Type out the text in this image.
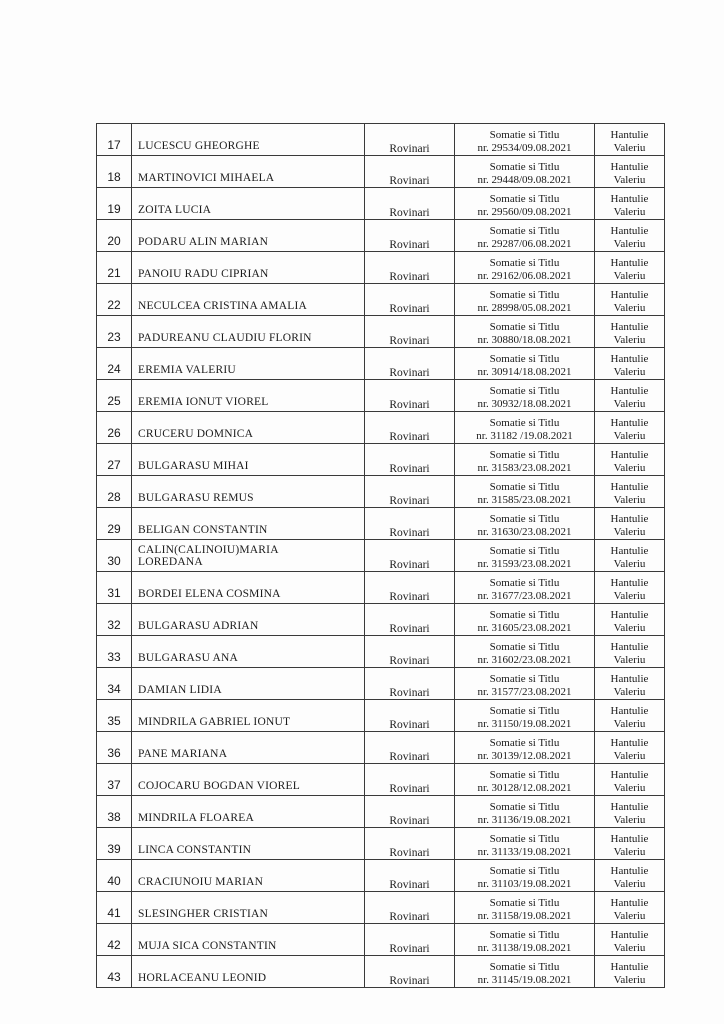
17	LUCESCU GHEORGHE	Rovinari	Somatie si Titlu
nr. 29534/09.08.2021	Hantulie
Valeriu

18	MARTINOVICI MIHAELA	Rovinari	Somatie si Titlu
nr. 29448/09.08.2021	Hantulie
Valeriu

19	ZOITA LUCIA	Rovinari	Somatie si Titlu
nr. 29560/09.08.2021	Hantulie
Valeriu

20	PODARU ALIN MARIAN	Rovinari	Somatie si Titlu
nr. 29287/06.08.2021	Hantulie
Valeriu

21	PANOIU RADU CIPRIAN	Rovinari	Somatie si Titlu
nr. 29162/06.08.2021	Hantulie
Valeriu

22	NECULCEA CRISTINA AMALIA	Rovinari	Somatie si Titlu
nr. 28998/05.08.2021	Hantulie
Valeriu

23	PADUREANU CLAUDIU FLORIN	Rovinari	Somatie si Titlu
nr. 30880/18.08.2021	Hantulie
Valeriu

24	EREMIA VALERIU	Rovinari	Somatie si Titlu
nr. 30914/18.08.2021	Hantulie
Valeriu

25	EREMIA IONUT VIOREL	Rovinari	Somatie si Titlu
nr. 30932/18.08.2021	Hantulie
Valeriu

26	CRUCERU DOMNICA	Rovinari	Somatie si Titlu
nr. 31182 /19.08.2021	Hantulie
Valeriu

27	BULGARASU MIHAI	Rovinari	Somatie si Titlu
nr. 31583/23.08.2021	Hantulie
Valeriu

28	BULGARASU REMUS	Rovinari	Somatie si Titlu
nr. 31585/23.08.2021	Hantulie
Valeriu

29	BELIGAN CONSTANTIN	Rovinari	Somatie si Titlu
nr. 31630/23.08.2021	Hantulie
Valeriu

30	CALIN(CALINOIU)MARIA
LOREDANA	Rovinari	Somatie si Titlu
nr. 31593/23.08.2021	Hantulie
Valeriu

31	BORDEI ELENA COSMINA	Rovinari	Somatie si Titlu
nr. 31677/23.08.2021	Hantulie
Valeriu

32	BULGARASU ADRIAN	Rovinari	Somatie si Titlu
nr. 31605/23.08.2021	Hantulie
Valeriu

33	BULGARASU ANA	Rovinari	Somatie si Titlu
nr. 31602/23.08.2021	Hantulie
Valeriu

34	DAMIAN LIDIA	Rovinari	Somatie si Titlu
nr. 31577/23.08.2021	Hantulie
Valeriu

35	MINDRILA GABRIEL IONUT	Rovinari	Somatie si Titlu
nr. 31150/19.08.2021	Hantulie
Valeriu

36	PANE MARIANA	Rovinari	Somatie si Titlu
nr. 30139/12.08.2021	Hantulie
Valeriu

37	COJOCARU BOGDAN VIOREL	Rovinari	Somatie si Titlu
nr. 30128/12.08.2021	Hantulie
Valeriu

38	MINDRILA FLOAREA	Rovinari	Somatie si Titlu
nr. 31136/19.08.2021	Hantulie
Valeriu

39	LINCA CONSTANTIN	Rovinari	Somatie si Titlu
nr. 31133/19.08.2021	Hantulie
Valeriu

40	CRACIUNOIU MARIAN	Rovinari	Somatie si Titlu
nr. 31103/19.08.2021	Hantulie
Valeriu

41	SLESINGHER CRISTIAN	Rovinari	Somatie si Titlu
nr. 31158/19.08.2021	Hantulie
Valeriu

42	MUJA SICA CONSTANTIN	Rovinari	Somatie si Titlu
nr. 31138/19.08.2021	Hantulie
Valeriu

43	HORLACEANU LEONID	Rovinari	Somatie si Titlu
nr. 31145/19.08.2021	Hantulie
Valeriu
